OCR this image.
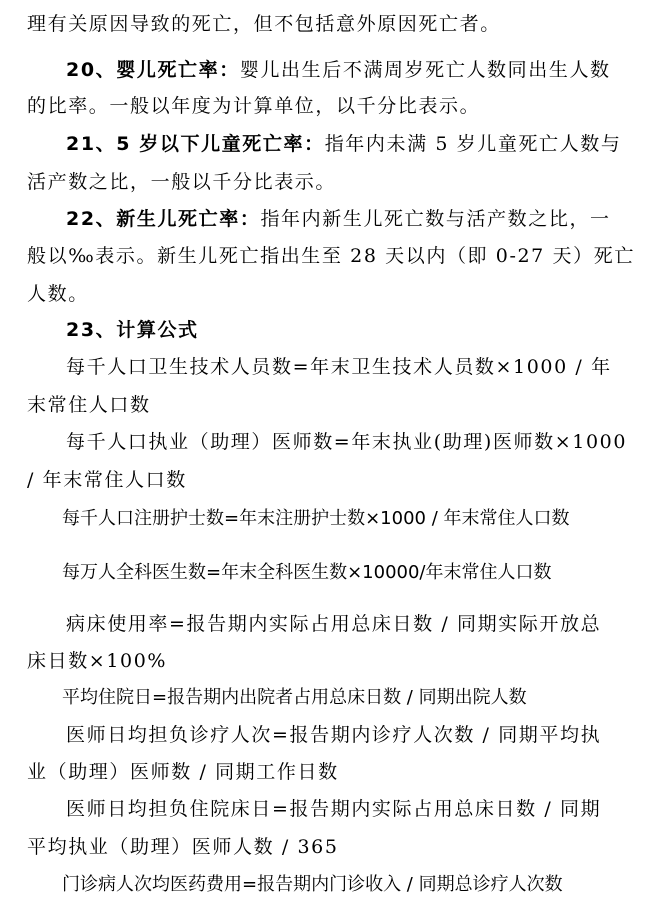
理有关原因导致的死亡，但不包括意外原因死亡者。
20、婴儿死亡率：婴儿出生后不满周岁死亡人数同出生人数
的比率。一般以年度为计算单位，以千分比表示。
21、5 岁以下儿童死亡率：指年内未满 5 岁儿童死亡人数与
活产数之比，一般以千分比表示。
22、新生儿死亡率：指年内新生儿死亡数与活产数之比，一
般以‰表示。新生儿死亡指出生至 28 天以内（即 0-27 天）死亡
人数。
23、计算公式
每千人口卫生技术人员数=年末卫生技术人员数×1000 / 年
末常住人口数
每千人口执业（助理）医师数=年末执业(助理)医师数×1000
/ 年末常住人口数
每千人口注册护士数=年末注册护士数×1000 / 年末常住人口数
每万人全科医生数=年末全科医生数×10000/年末常住人口数
病床使用率=报告期内实际占用总床日数 / 同期实际开放总
床日数×100%
平均住院日=报告期内出院者占用总床日数 / 同期出院人数
医师日均担负诊疗人次=报告期内诊疗人次数 / 同期平均执
业（助理）医师数 / 同期工作日数
医师日均担负住院床日=报告期内实际占用总床日数 / 同期
平均执业（助理）医师人数 / 365
门诊病人次均医药费用=报告期内门诊收入 / 同期总诊疗人次数
